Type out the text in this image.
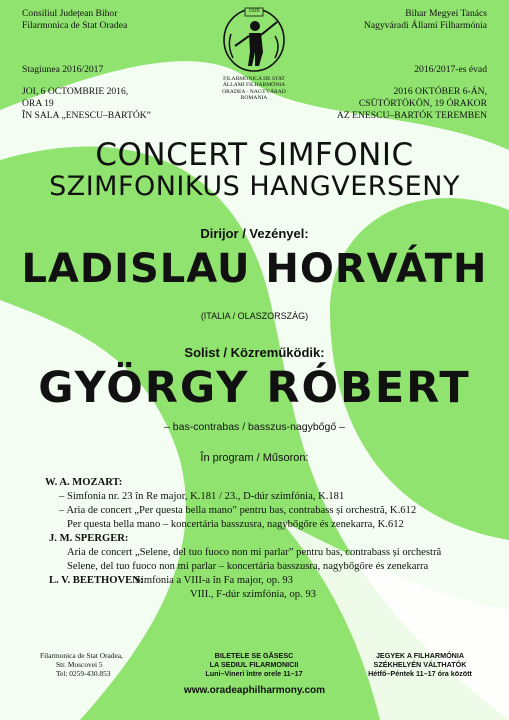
Consiliul Județean Bihor
Filarmonica de Stat Oradea
Stagiunea 2016/2017
JOI, 6 OCTOMBRIE 2016,
ORA 19
ÎN SALA „ENESCU–BARTÓK”
Bihar Megyei Tanács
Nagyváradi Állami Filharmónia
2016/2017-es évad
2016 OKTÓBER 6-ÁN,
CSÜTÖRTÖKÖN, 19 ÓRAKOR
AZ ENESCU–BARTÓK TEREMBEN
1949
FILARMONICA DE STAT
ÁLLAMI FILHARMÓNIA
ORADEA · NAGYVÁRAD
ROMANIA
CONCERT SIMFONIC
SZIMFONIKUS HANGVERSENY
Dirijor / Vezényel:
LADISLAU HORVÁTH
(ITALIA / OLASZORSZÁG)
Solist / Közreműködik:
GYÖRGY RÓBERT
– bas-contrabas / basszus-nagybőgő –
În program / Műsoron:
W. A. MOZART:
– Simfonia nr. 23 în Re major, K.181 / 23., D-dúr szimfónia, K.181
– Aria de concert „Per questa bella mano” pentru bas, contrabass și orchestră, K.612
Per questa bella mano – koncertária basszusra, nagybőgőre és zenekarra, K.612
J. M. SPERGER:
Aria de concert „Selene, del tuo fuoco non mi parlar” pentru bas, contrabass și orchestră
Selene, del tuo fuoco non mi parlar – koncertária basszusra, nagybőgőre és zenekarra
L. V. BEETHOVEN:
Simfonia a VIII-a în Fa major, op. 93
VIII., F-dúr szimfónia, op. 93
Filarmonica de Stat Oradea,
Str. Moscovei 5
Tel: 0259-430.853
BILETELE SE GĂSESC
LA SEDIUL FILARMONICII
Luni–Vineri între orele 11–17
www.oradeaphilharmony.com
JEGYEK A FILHARMÓNIA
SZÉKHELYÉN VÁLTHATÓK
Hétfő–Péntek 11–17 óra között
